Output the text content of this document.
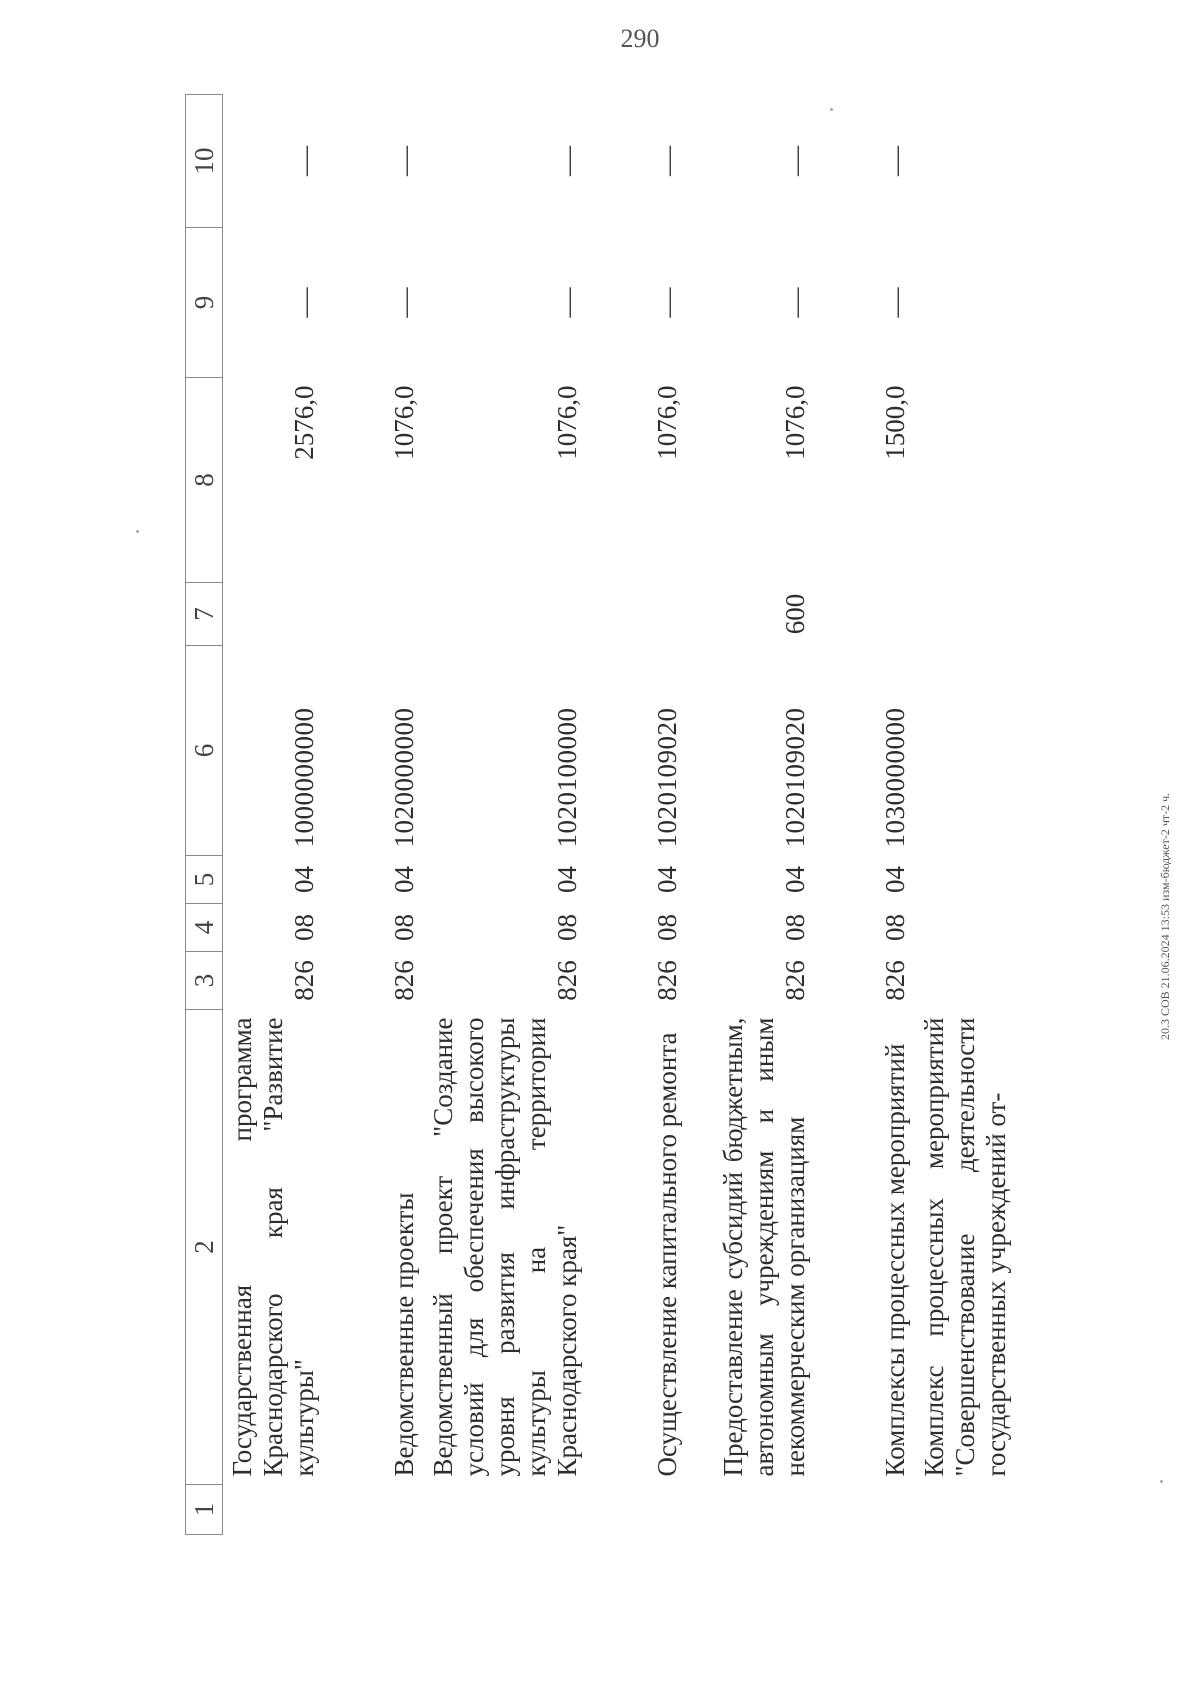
290
1	2	3	4	5	6	7	8	9	10
	Государственная программа Краснодарского края "Развитие культуры"	826	08	04	1000000000		2576,0	—	—
	Ведомственные проекты	826	08	04	1020000000		1076,0	—	—
	Ведомственный проект "Создание условий для обеспечения высокого уровня развития инфраструктуры культуры на территории Краснодарского края"	826	08	04	1020100000		1076,0	—	—
	Осуществление капитального ремонта	826	08	04	1020109020		1076,0	—	—
	Предоставление субсидий бюджетным, автономным учреждениям и иным некоммерческим организациям	826	08	04	1020109020	600	1076,0	—	—
	Комплексы процессных мероприятий	826	08	04	1030000000		1500,0	—	—
	Комплекс процессных мероприятий "Совершенствование деятельности государственных учреждений от-								
20.3 СОВ 21.06.2024 13:53 изм-бюджет-2 чт-2 ч.
